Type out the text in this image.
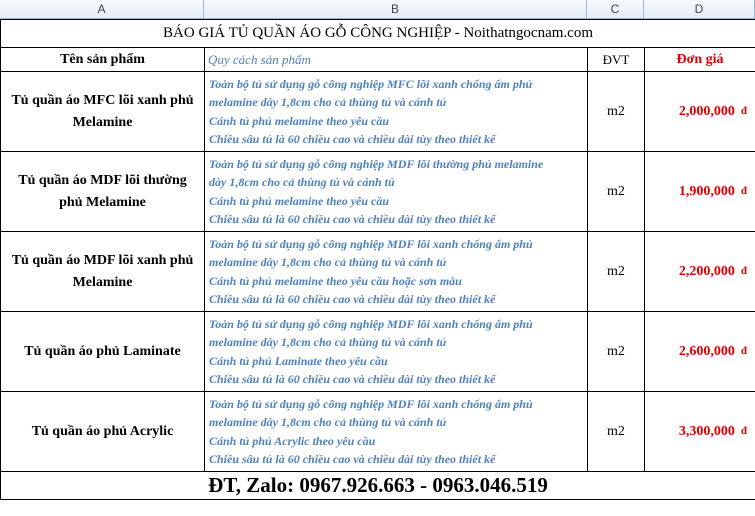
A	B	C	D
BÁO GIÁ TỦ QUẦN ÁO GỖ CÔNG NGHIỆP - Noithatngocnam.com			
Tên sản phẩm	Quy cách sản phẩm	ĐVT	Đơn giá
Tủ quần áo MFC lõi xanh phủ Melamine	Toàn bộ tủ sử dụng gỗ công nghiệp MFC lõi xanh chống ẩm phủ
melamine dày 1,8cm cho cả thùng tủ và cánh tủ
Cánh tủ phủ melamine theo yêu cầu
Chiều sâu tủ là 60 chiều cao và chiều dài tùy theo thiết kế	m2	2,000,000 đ
Tủ quần áo MDF lõi thường phủ Melamine	Toàn bộ tủ sử dụng gỗ công nghiệp MDF lõi thường phủ melamine
dày 1,8cm cho cả thùng tủ và cánh tủ
Cánh tủ phủ melamine theo yêu cầu
Chiều sâu tủ là 60 chiều cao và chiều dài tùy theo thiết kế	m2	1,900,000 đ
Tủ quần áo MDF lõi xanh phủ Melamine	Toàn bộ tủ sử dụng gỗ công nghiệp MDF lõi xanh chống ẩm phủ
melamine dày 1,8cm cho cả thùng tủ và cánh tủ
Cánh tủ phủ melamine theo yêu cầu hoặc sơn màu
Chiều sâu tủ là 60 chiều cao và chiều dài tùy theo thiết kế	m2	2,200,000 đ
Tủ quần áo phủ Laminate	Toàn bộ tủ sử dụng gỗ công nghiệp MDF lõi xanh chống ẩm phủ
melamine dày 1,8cm cho cả thùng tủ và cánh tủ
Cánh tủ phủ Laminate theo yêu cầu
Chiều sâu tủ là 60 chiều cao và chiều dài tùy theo thiết kế	m2	2,600,000 đ
Tủ quần áo phủ Acrylic	Toàn bộ tủ sử dụng gỗ công nghiệp MDF lõi xanh chống ẩm phủ
melamine dày 1,8cm cho cả thùng tủ và cánh tủ
Cánh tủ phủ Acrylic theo yêu cầu
Chiều sâu tủ là 60 chiều cao và chiều dài tùy theo thiết kế	m2	3,300,000 đ
ĐT, Zalo: 0967.926.663 - 0963.046.519			
